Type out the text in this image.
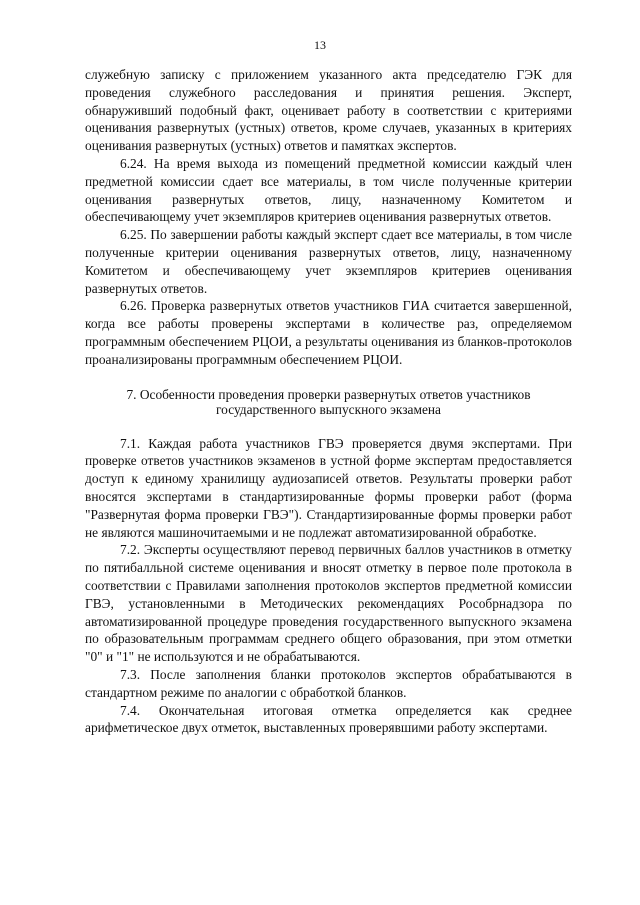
13

служебную записку с приложением указанного акта председателю ГЭК для проведения служебного расследования и принятия решения. Эксперт, обнаруживший подобный факт, оценивает работу в соответствии с критериями оценивания развернутых (устных) ответов, кроме случаев, указанных в критериях оценивания развернутых (устных) ответов и памятках экспертов.

6.24. На время выхода из помещений предметной комиссии каждый член предметной комиссии сдает все материалы, в том числе полученные критерии оценивания развернутых ответов, лицу, назначенному Комитетом и обеспечивающему учет экземпляров критериев оценивания развернутых ответов.

6.25. По завершении работы каждый эксперт сдает все материалы, в том числе полученные критерии оценивания развернутых ответов, лицу, назначенному Комитетом и обеспечивающему учет экземпляров критериев оценивания развернутых ответов.

6.26. Проверка развернутых ответов участников ГИА считается завершенной, когда все работы проверены экспертами в количестве раз, определяемом программным обеспечением РЦОИ, а результаты оценивания из бланков-протоколов проанализированы программным обеспечением РЦОИ.

7. Особенности проведения проверки развернутых ответов участников государственного выпускного экзамена

7.1. Каждая работа участников ГВЭ проверяется двумя экспертами. При проверке ответов участников экзаменов в устной форме экспертам предоставляется доступ к единому хранилищу аудиозаписей ответов. Результаты проверки работ вносятся экспертами в стандартизированные формы проверки работ (форма "Развернутая форма проверки ГВЭ"). Стандартизированные формы проверки работ не являются машиночитаемыми и не подлежат автоматизированной обработке.

7.2. Эксперты осуществляют перевод первичных баллов участников в отметку по пятибалльной системе оценивания и вносят отметку в первое поле протокола в соответствии с Правилами заполнения протоколов экспертов предметной комиссии ГВЭ, установленными в Методических рекомендациях Рособрнадзора по автоматизированной процедуре проведения государственного выпускного экзамена по образовательным программам среднего общего образования, при этом отметки "0" и "1" не используются и не обрабатываются.

7.3. После заполнения бланки протоколов экспертов обрабатываются в стандартном режиме по аналогии с обработкой бланков.

7.4. Окончательная итоговая отметка определяется как среднее арифметическое двух отметок, выставленных проверявшими работу экспертами.
